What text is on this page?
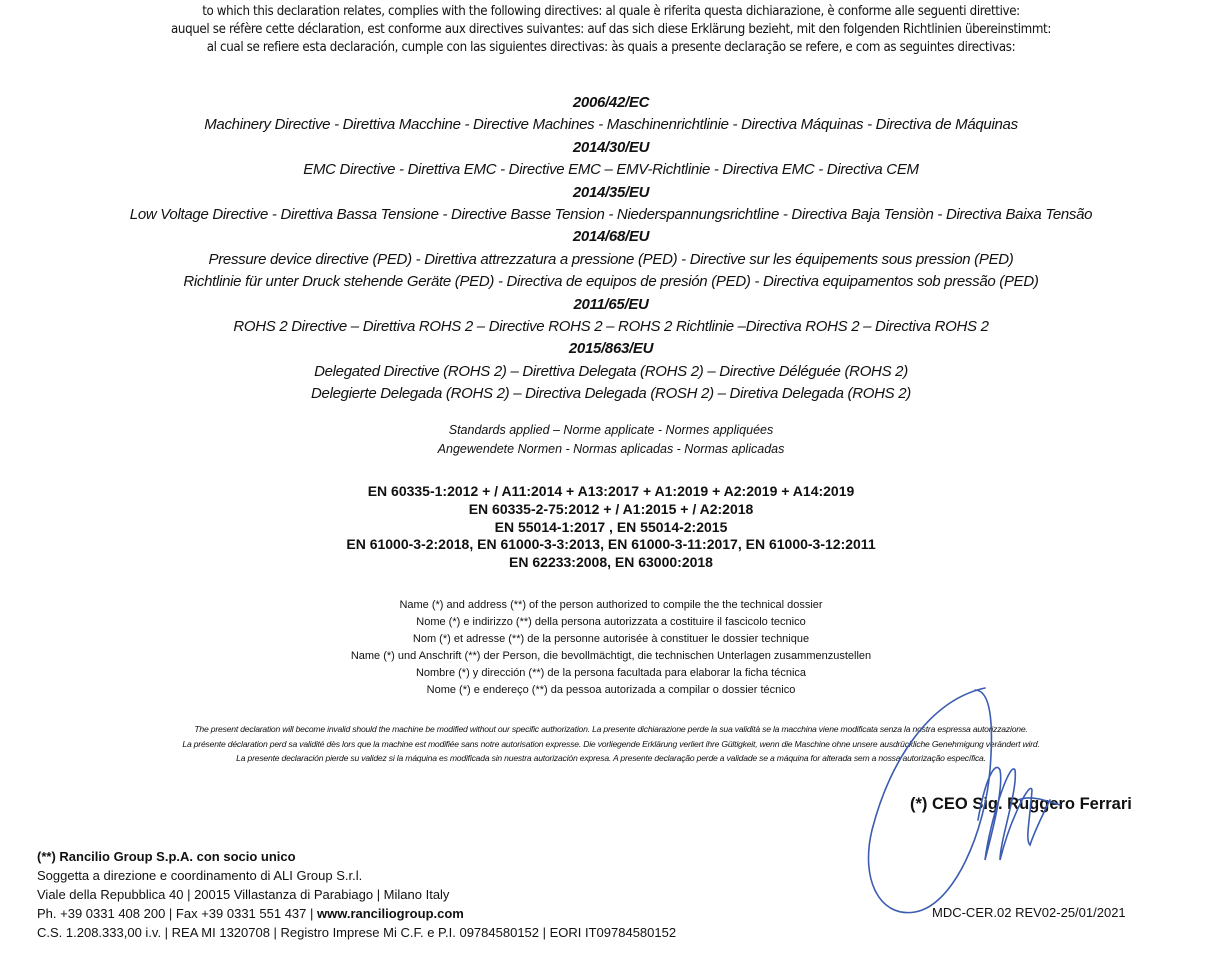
to which this declaration relates, complies with the following directives: al quale è riferita questa dichiarazione, è conforme alle seguenti direttive:
auquel se réfère cette déclaration, est conforme aux directives suivantes: auf das sich diese Erklärung bezieht, mit den folgenden Richtlinien übereinstimmt:
al cual se refiere esta declaración, cumple con las siguientes directivas: às quais a presente declaração se refere, e com as seguintes directivas:
2006/42/EC
Machinery Directive - Direttiva Macchine - Directive Machines - Maschinenrichtlinie - Directiva Máquinas - Directiva de Máquinas
2014/30/EU
EMC Directive - Direttiva EMC - Directive EMC – EMV-Richtlinie - Directiva EMC - Directiva CEM
2014/35/EU
Low Voltage Directive - Direttiva Bassa Tensione - Directive Basse Tension - Niederspannungsrichtline - Directiva Baja Tensiòn - Directiva Baixa Tensão
2014/68/EU
Pressure device directive (PED) - Direttiva attrezzatura a pressione (PED) - Directive sur les équipements sous pression (PED)
Richtlinie für unter Druck stehende Geräte (PED) - Directiva de equipos de presión (PED) - Directiva equipamentos sob pressão (PED)
2011/65/EU
ROHS 2 Directive – Direttiva ROHS 2 – Directive ROHS 2 – ROHS 2 Richtlinie –Directiva ROHS 2 – Directiva ROHS 2
2015/863/EU
Delegated Directive (ROHS 2) – Direttiva Delegata (ROHS 2) – Directive Déléguée (ROHS 2)
Delegierte Delegada (ROHS 2) – Directiva Delegada (ROSH 2) – Diretiva Delegada (ROHS 2)
Standards applied – Norme applicate - Normes appliquées
Angewendete Normen - Normas aplicadas - Normas aplicadas
EN 60335-1:2012 + / A11:2014 + A13:2017 + A1:2019 + A2:2019 + A14:2019
EN 60335-2-75:2012 + / A1:2015 + / A2:2018
EN 55014-1:2017 , EN 55014-2:2015
EN 61000-3-2:2018, EN 61000-3-3:2013, EN 61000-3-11:2017, EN 61000-3-12:2011
EN 62233:2008, EN 63000:2018
Name (*) and address (**) of the person authorized to compile the the technical dossier
Nome (*) e indirizzo (**) della persona autorizzata a costituire il fascicolo tecnico
Nom (*) et adresse (**) de la personne autorisée à constituer le dossier technique
Name (*) und Anschrift (**) der Person, die bevollmächtigt, die technischen Unterlagen zusammenzustellen
Nombre (*) y dirección (**) de la persona facultada para elaborar la ficha técnica
Nome (*) e endereço (**) da pessoa autorizada a compilar o dossier técnico
The present declaration will become invalid should the machine be modified without our specific authorization. La presente dichiarazione perde la sua validità se la macchina viene modificata senza la nostra espressa autorizzazione.
La présente déclaration perd sa validité dès lors que la machine est modifiée sans notre autorisation expresse. Die vorliegende Erklärung verliert ihre Gültigkeit, wenn die Maschine ohne unsere ausdrückliche Genehmigung verändert wird.
La presente declaración pierde su validez si la máquina es modificada sin nuestra autorización expresa. A presente declaração perde a validade se a máquina for alterada sem a nossa autorização específica.
(*) CEO Sig. Ruggero Ferrari
(**) Rancilio Group S.p.A. con socio unico
Soggetta a direzione e coordinamento di ALI Group S.r.l.
Viale della Repubblica 40 | 20015 Villastanza di Parabiago | Milano Italy
Ph. +39 0331 408 200 | Fax +39 0331 551 437 | www.ranciliogroup.com
C.S. 1.208.333,00 i.v. | REA MI 1320708 | Registro Imprese Mi C.F. e P.I. 09784580152 | EORI IT09784580152
MDC-CER.02 REV02-25/01/2021
